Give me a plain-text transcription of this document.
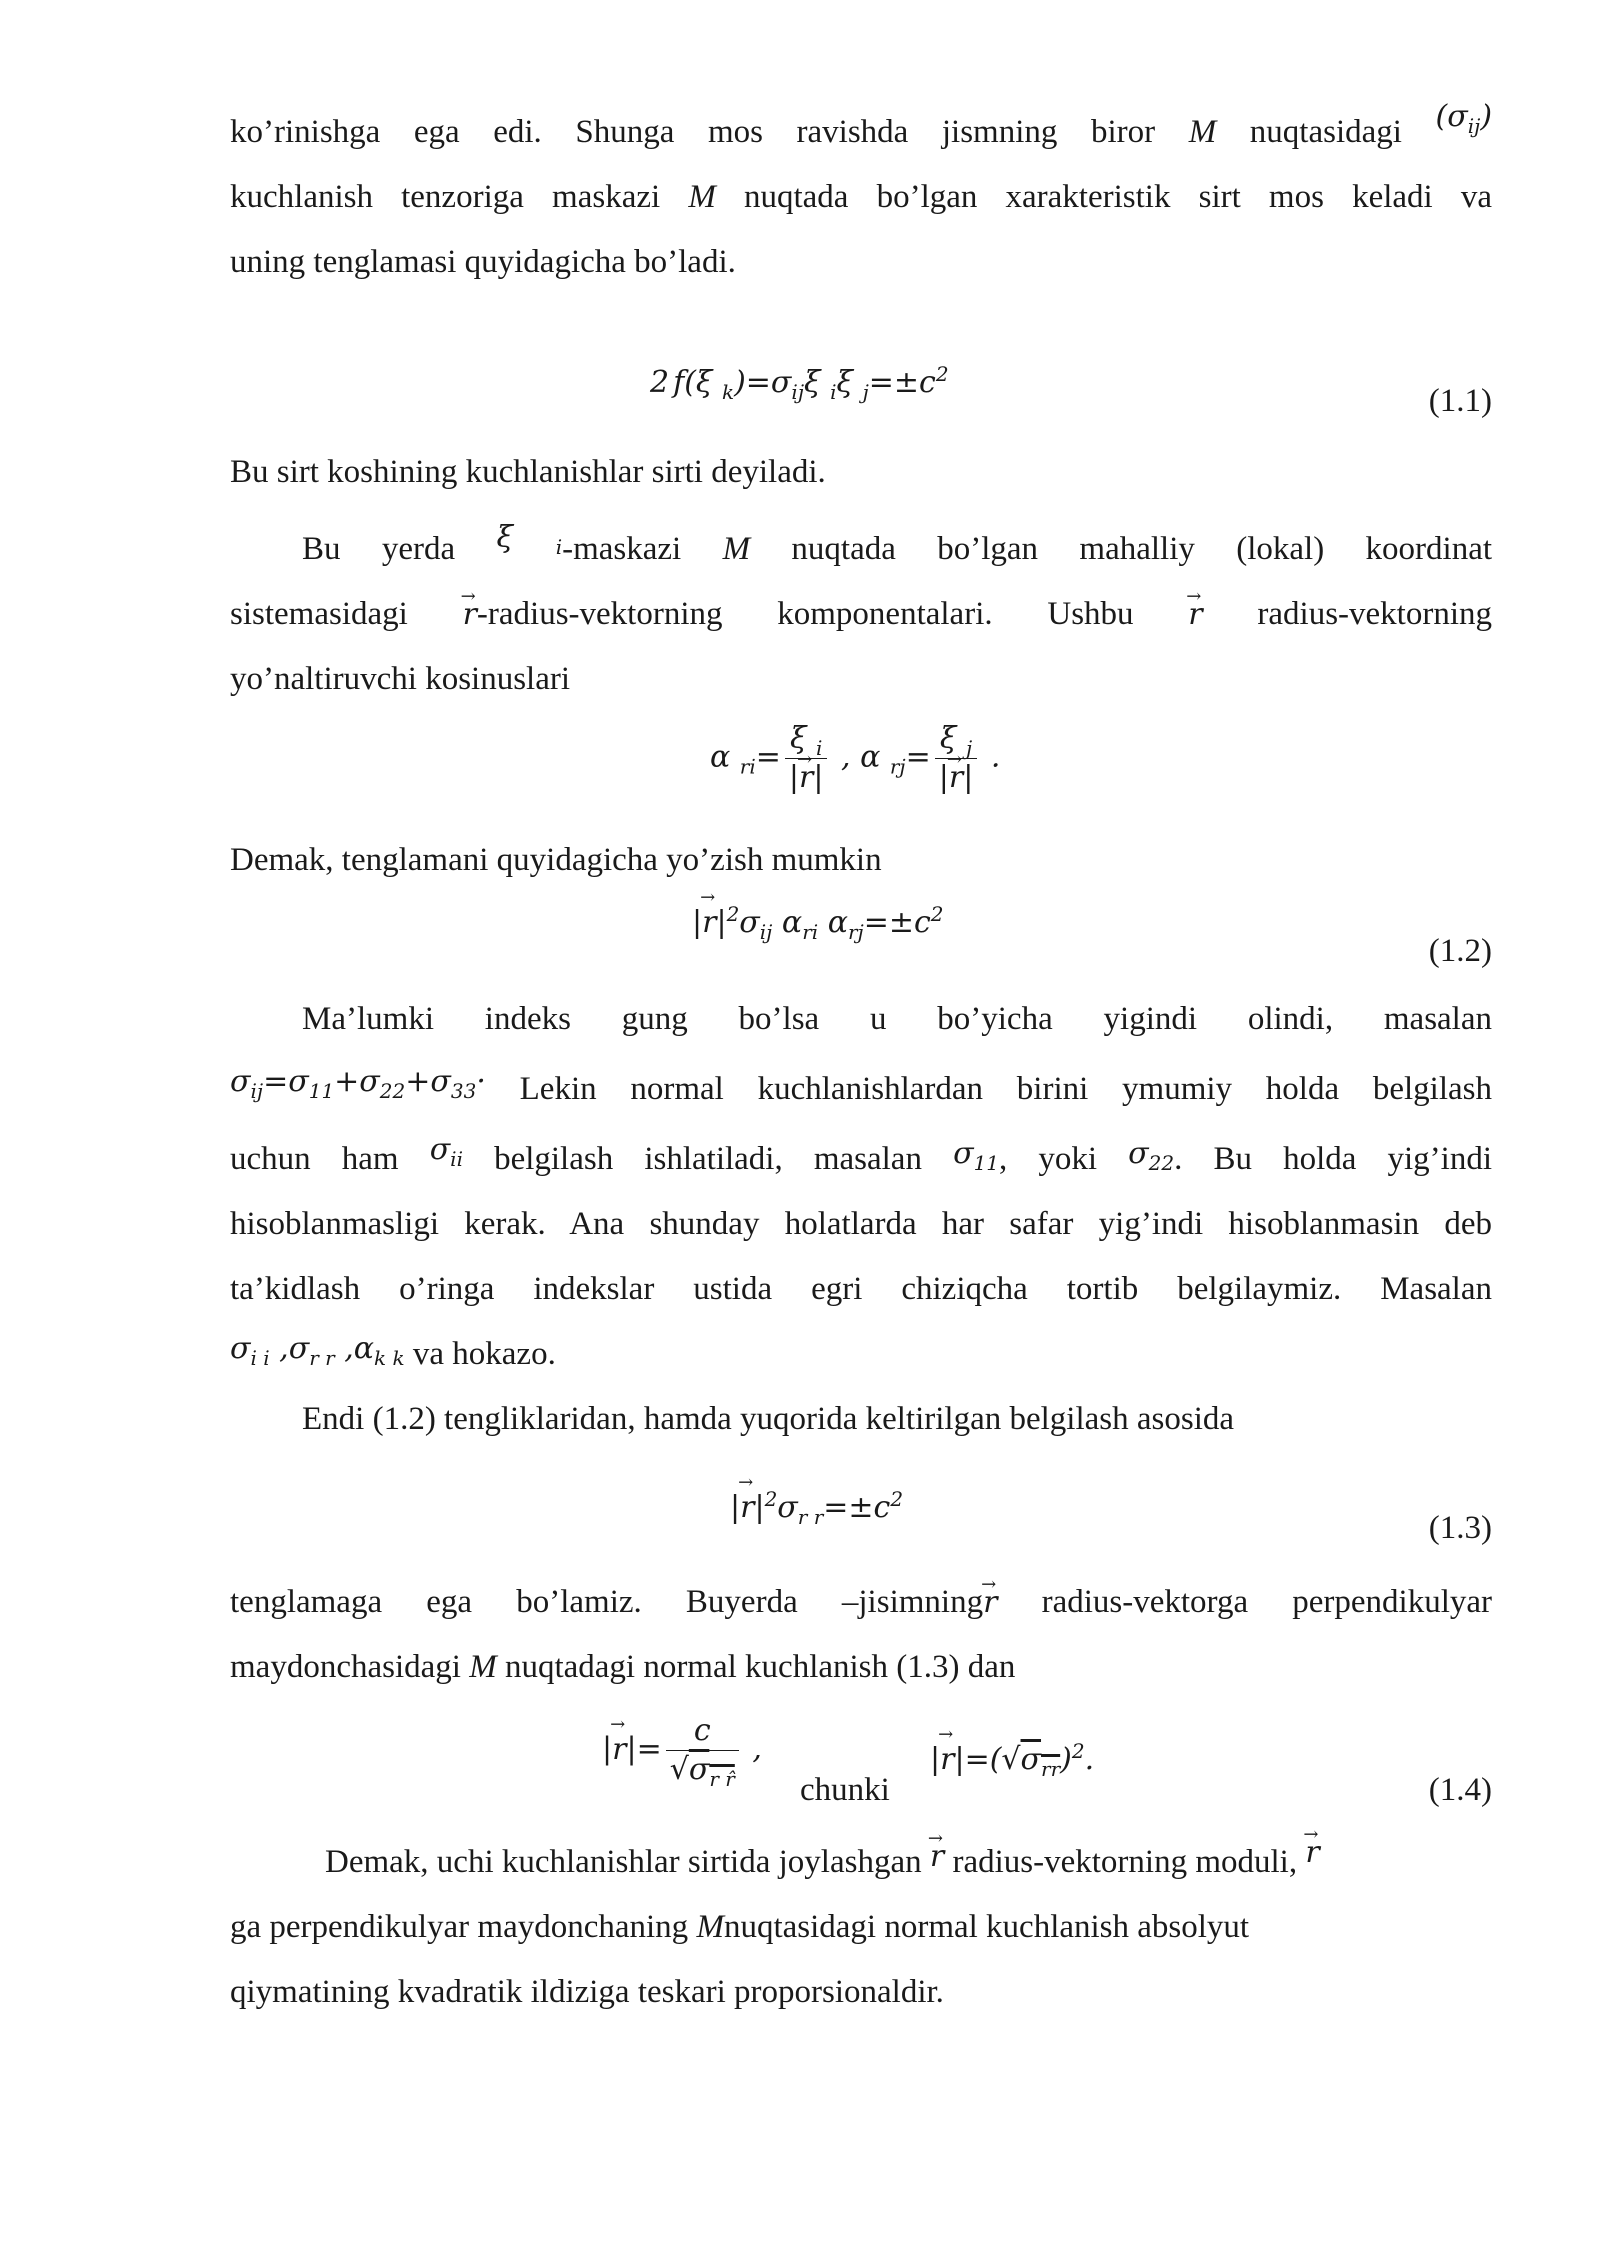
ko’rinishga ega edi. Shunga mos ravishda jismning biror M nuqtasidagi $(\sigma_{ij})$
kuchlanish tenzoriga maskazi M nuqtada bo’lgan xarakteristik sirt mos keladi va
uning tenglamasi quyidagicha bo’ladi.
2 f(ξ $_k)=\sigma_{ij}\xi$ $_i$ξ $_j=\pm c^2$
(1.1)
Bu sirt koshining kuchlanishlar sirti deyiladi.
Bu yerda ξ $_i$-maskazi M nuqtada bo’lgan mahalliy (lokal) koordinat
sistemasidagi → r-radius-vektorning komponentalari. Ushbu → r radius-vektorning
yo’naltiruvchi kosinuslari
α $_{ri}= \frac{\xi _i}{|\to r|}$ , α $_{rj}= \frac{\xi _j}{|\to r|}$ .
Demak, tenglamani quyidagicha yo’zish mumkin
|→ $r|^2\sigma_{ij}$ $\alpha_{ri}$ $\alpha_{rj}=\pm c^2$
(1.2)
Ma’lumki indeks gung bo’lsa u bo’yicha yigindi olindi, masalan
$\sigma_{ij}=\sigma_{11}+\sigma_{22}+\sigma_{33}\cdot$ Lekin normal kuchlanishlardan birini ymumiy holda belgilash
uchun ham $\sigma_{ii}$ belgilash ishlatiladi, masalan $\sigma_{11}$, yoki $\sigma_{22}$. Bu holda yig’indi
hisoblanmasligi kerak. Ana shunday holatlarda har safar yig’indi hisoblanmasin deb
ta’kidlash o’ringa indekslar ustida egri chiziqcha tortib belgilaymiz. Masalan
$\sigma_{i i}$ $,\sigma_{r r}$ $,\alpha_{k k}$ va hokazo.
Endi (1.2) tengliklaridan, hamda yuqorida keltirilgan belgilash asosida
|→ $r|^2\sigma_{r r}=\pm c^2$
(1.3)
tenglamaga ega bo’lamiz. Buyerda –jisimning→ r radius-vektorga perpendikulyar
maydonchasidagi M nuqtadagi normal kuchlanish (1.3) dan
|→ $r|= \frac{c}{√\sigma_{r r̂}}$ ,
chunki
|→ $r|=(√\sigma_{rr})^2$.
(1.4)
Demak, uchi kuchlanishlar sirtida joylashgan → r radius-vektorning moduli, → r
ga perpendikulyar maydonchaning Mnuqtasidagi normal kuchlanish absolyut
qiymatining kvadratik ildiziga teskari proporsionaldir.
